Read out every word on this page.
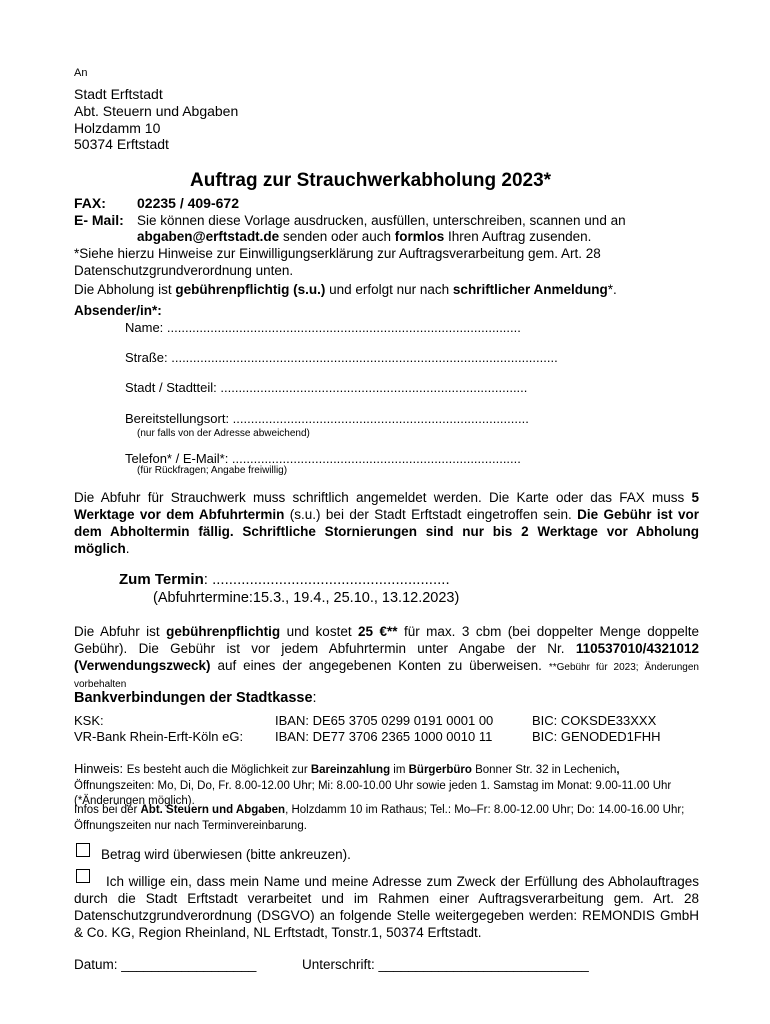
An
Stadt Erftstadt
Abt. Steuern und Abgaben
Holzdamm 10
50374 Erftstadt
Auftrag zur Strauchwerkabholung 2023*
FAX: 02235 / 409-672
E- Mail: Sie können diese Vorlage ausdrucken, ausfüllen, unterschreiben, scannen und an
abgaben@erftstadt.de senden oder auch formlos Ihren Auftrag zusenden.
*Siehe hierzu Hinweise zur Einwilligungserklärung zur Auftragsverarbeitung gem. Art. 28 Datenschutzgrundverordnung unten.
Die Abholung ist gebührenpflichtig (s.u.) und erfolgt nur nach schriftlicher Anmeldung*.
Absender/in*:
Name: ..................................................................................................
Straße: ...........................................................................................................
Stadt / Stadtteil: .....................................................................................
Bereitstellungsort: ..................................................................................
(nur falls von der Adresse abweichend)
Telefon* / E-Mail*: ................................................................................
(für Rückfragen; Angabe freiwillig)
Die Abfuhr für Strauchwerk muss schriftlich angemeldet werden. Die Karte oder das FAX muss 5 Werktage vor dem Abfuhrtermin (s.u.) bei der Stadt Erftstadt eingetroffen sein. Die Gebühr ist vor dem Abholtermin fällig. Schriftliche Stornierungen sind nur bis 2 Werktage vor Abholung möglich.
Zum Termin: .........................................................
(Abfuhrtermine:15.3., 19.4., 25.10., 13.12.2023)
Die Abfuhr ist gebührenpflichtig und kostet 25 €** für max. 3 cbm (bei doppelter Menge doppelte Gebühr). Die Gebühr ist vor jedem Abfuhrtermin unter Angabe der Nr. 110537010/4321012 (Verwendungszweck) auf eines der angegebenen Konten zu überweisen. **Gebühr für 2023; Änderungen vorbehalten
Bankverbindungen der Stadtkasse:
KSK:	IBAN: DE65 3705 0299 0191 0001 00	BIC: COKSDE33XXX
VR-Bank Rhein-Erft-Köln eG: IBAN: DE77 3706 2365 1000 0010 11	BIC: GENODED1FHH
Hinweis: Es besteht auch die Möglichkeit zur Bareinzahlung im Bürgerbüro Bonner Str. 32 in Lechenich, Öffnungszeiten: Mo, Di, Do, Fr. 8.00-12.00 Uhr; Mi: 8.00-10.00 Uhr sowie jeden 1. Samstag im Monat: 9.00-11.00 Uhr (*Änderungen möglich).
Infos bei der Abt. Steuern und Abgaben, Holzdamm 10 im Rathaus; Tel.: Mo–Fr: 8.00-12.00 Uhr; Do: 14.00-16.00 Uhr; Öffnungszeiten nur nach Terminvereinbarung.
Betrag wird überwiesen (bitte ankreuzen).
Ich willige ein, dass mein Name und meine Adresse zum Zweck der Erfüllung des Abholauftrages durch die Stadt Erftstadt verarbeitet und im Rahmen einer Auftragsverarbeitung gem. Art. 28 Datenschutzgrundverordnung (DSGVO) an folgende Stelle weitergegeben werden: REMONDIS GmbH & Co. KG, Region Rheinland, NL Erftstadt, Tonstr.1, 50374 Erftstadt.
Datum: __________________	Unterschrift: ____________________________
